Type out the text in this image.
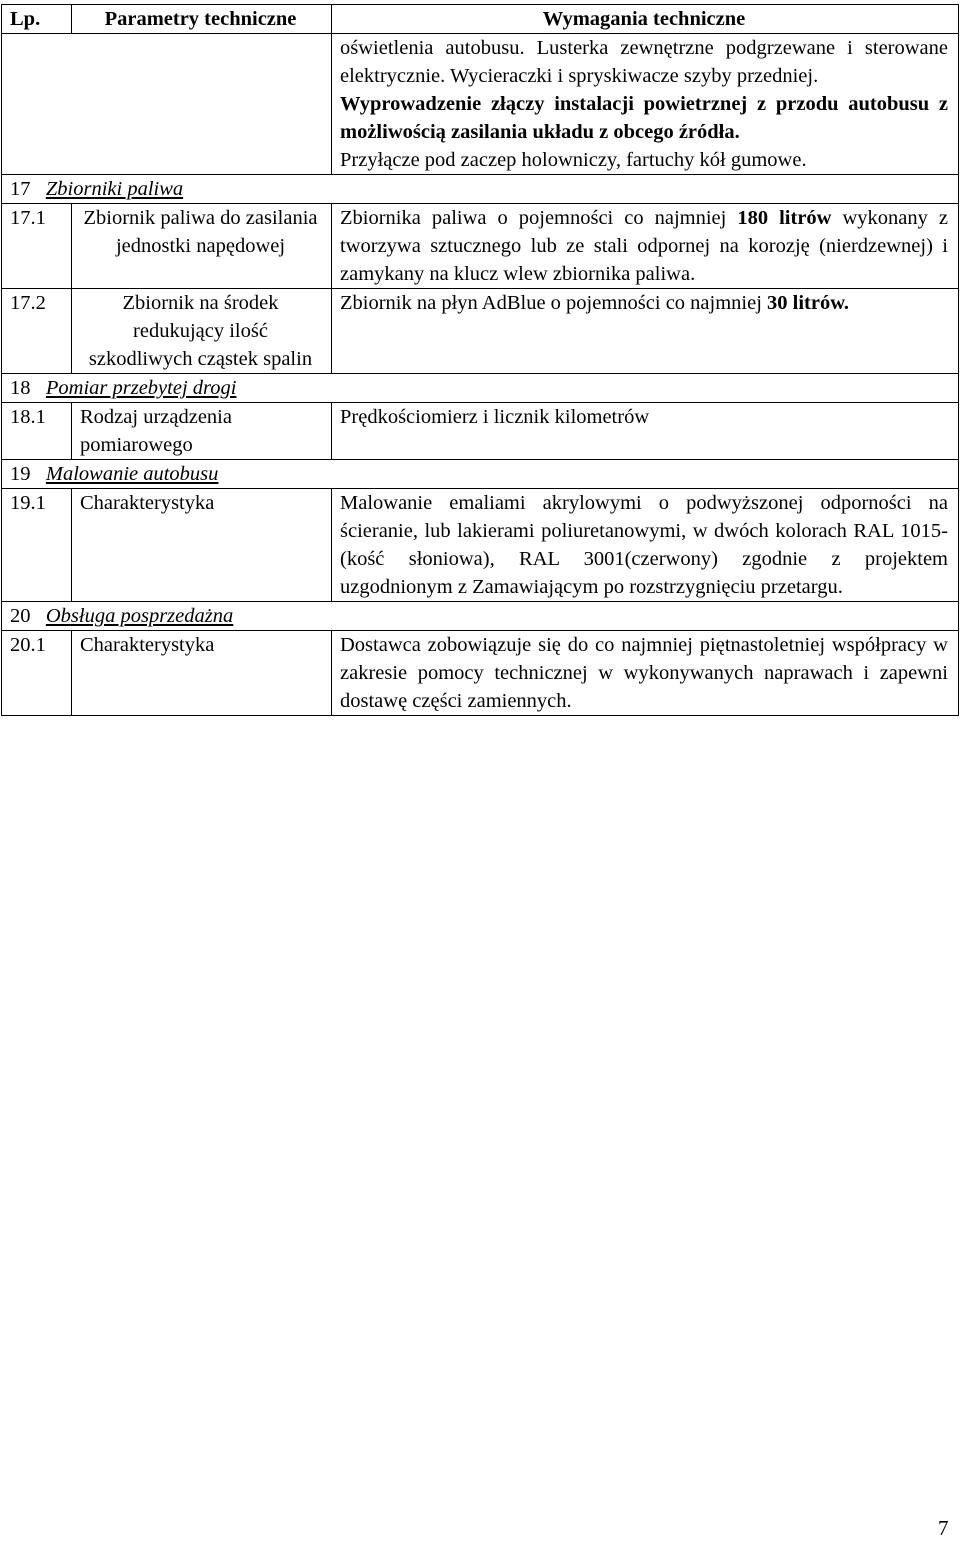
Lp.	Parametry techniczne	Wymagania techniczne

		oświetlenia autobusu. Lusterka zewnętrzne podgrzewane i sterowane elektrycznie. Wycieraczki i spryskiwacze szyby przedniej.
Wyprowadzenie złączy instalacji powietrznej z przodu autobusu z możliwością zasilania układu z obcego źródła.
Przyłącze pod zaczep holowniczy, fartuchy kół gumowe.

17 Zbiorniki paliwa		
17.1	Zbiornik paliwa do zasilania jednostki napędowej	Zbiornika paliwa o pojemności co najmniej 180 litrów wykonany z tworzywa sztucznego lub ze stali odpornej na korozję (nierdzewnej) i zamykany na klucz wlew zbiornika paliwa.
17.2	Zbiornik na środek redukujący ilość szkodliwych cząstek spalin	Zbiornik na płyn AdBlue o pojemności co najmniej 30 litrów.
18 Pomiar przebytej drogi		
18.1	Rodzaj urządzenia pomiarowego	Prędkościomierz i licznik kilometrów
19 Malowanie autobusu		
19.1	Charakterystyka	Malowanie emaliami akrylowymi o podwyższonej odporności na ścieranie, lub lakierami poliuretanowymi, w dwóch kolorach RAL 1015-(kość słoniowa), RAL 3001(czerwony) zgodnie z projektem uzgodnionym z Zamawiającym po rozstrzygnięciu przetargu.
20 Obsługa posprzedażna		
20.1	Charakterystyka	Dostawca zobowiązuje się do co najmniej piętnastoletniej współpracy w zakresie pomocy technicznej w wykonywanych naprawach i zapewni dostawę części zamiennych.
7
